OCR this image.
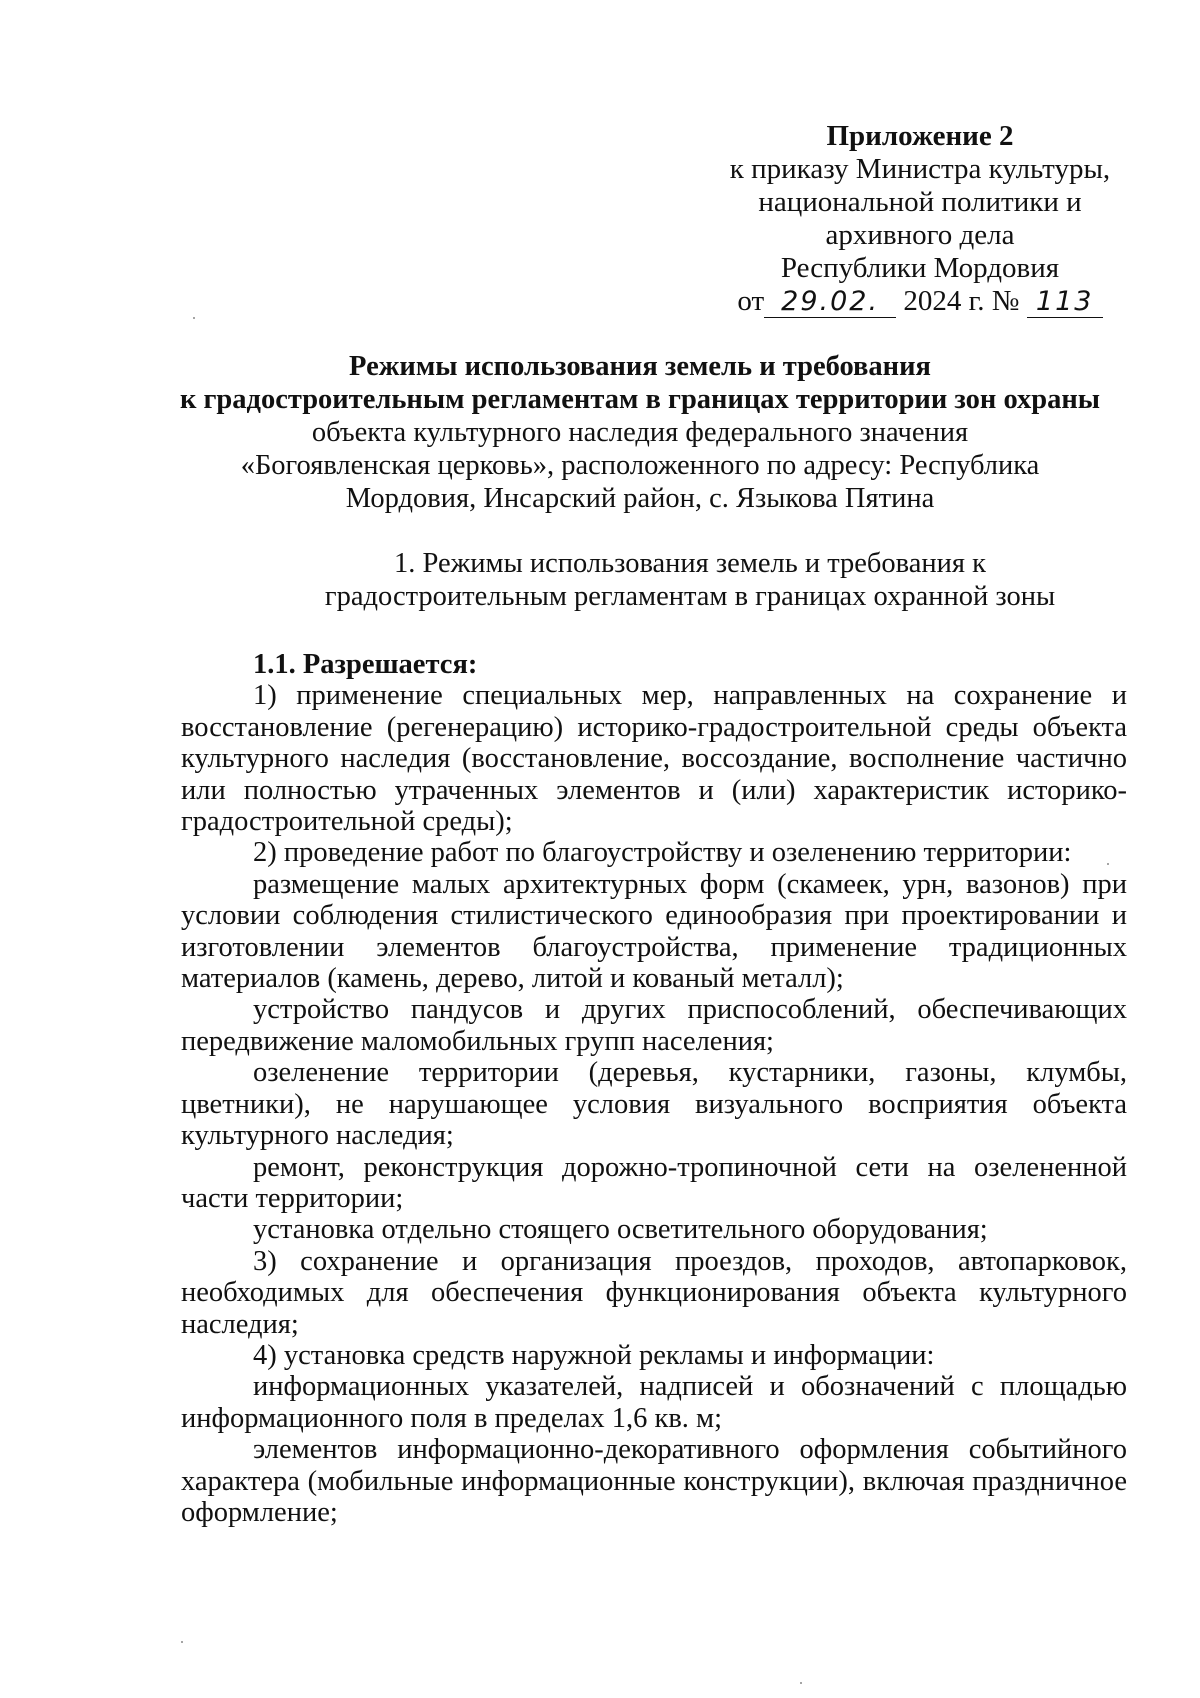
Приложение 2
к приказу Министра культуры,
национальной политики и
архивного дела
Республики Мордовия
от 29.02. 2024 г. № 113
Режимы использования земель и требования
к градостроительным регламентам в границах территории зон охраны
объекта культурного наследия федерального значения «Богоявленская церковь», расположенного по адресу: Республика Мордовия, Инсарский район, с. Языкова Пятина
1. Режимы использования земель и требования к градостроительным регламентам в границах охранной зоны

1.1. Разрешается:

1) применение специальных мер, направленных на сохранение и восстановление (регенерацию) историко-градостроительной среды объекта культурного наследия (восстановление, воссоздание, восполнение частично или полностью утраченных элементов и (или) характеристик историко-градостроительной среды);

2) проведение работ по благоустройству и озеленению территории:

размещение малых архитектурных форм (скамеек, урн, вазонов) при условии соблюдения стилистического единообразия при проектировании и изготовлении элементов благоустройства, применение традиционных материалов (камень, дерево, литой и кованый металл);

устройство пандусов и других приспособлений, обеспечивающих передвижение маломобильных групп населения;

озеленение территории (деревья, кустарники, газоны, клумбы, цветники), не нарушающее условия визуального восприятия объекта культурного наследия;

ремонт, реконструкция дорожно-тропиночной сети на озелененной части территории;

установка отдельно стоящего осветительного оборудования;

3) сохранение и организация проездов, проходов, автопарковок, необходимых для обеспечения функционирования объекта культурного наследия;

4) установка средств наружной рекламы и информации:

информационных указателей, надписей и обозначений с площадью информационного поля в пределах 1,6 кв. м;

элементов информационно-декоративного оформления событийного характера (мобильные информационные конструкции), включая праздничное оформление;
